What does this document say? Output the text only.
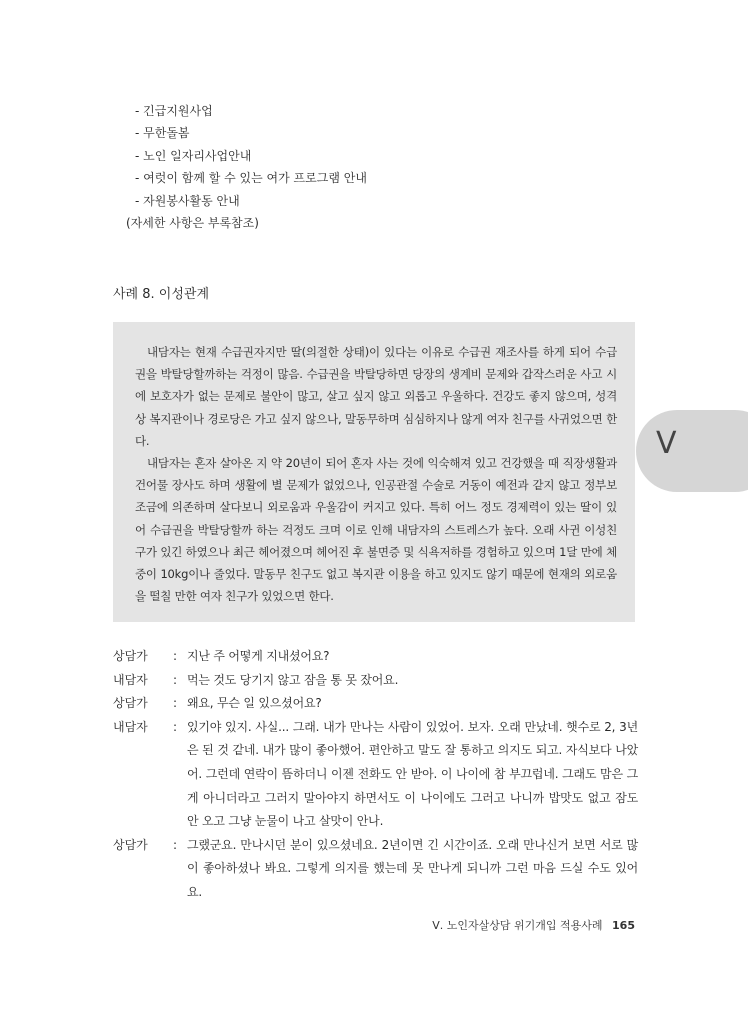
- 긴급지원사업
- 무한돌봄
- 노인 일자리사업안내
- 여럿이 함께 할 수 있는 여가 프로그램 안내
- 자원봉사활동 안내
(자세한 사항은 부록참조)
사례 8. 이성관계

내담자는 현재 수급권자지만 딸(의절한 상태)이 있다는 이유로 수급권 재조사를 하게 되어 수급권을 박탈당할까하는 걱정이 많음. 수급권을 박탈당하면 당장의 생계비 문제와 갑작스러운 사고 시에 보호자가 없는 문제로 불안이 많고, 살고 싶지 않고 외롭고 우울하다. 건강도 좋지 않으며, 성격상 복지관이나 경로당은 가고 싶지 않으나, 말동무하며 심심하지나 않게 여자 친구를 사귀었으면 한다.

내담자는 혼자 살아온 지 약 20년이 되어 혼자 사는 것에 익숙해져 있고 건강했을 때 직장생활과 건어물 장사도 하며 생활에 별 문제가 없었으나, 인공관절 수술로 거동이 예전과 같지 않고 정부보조금에 의존하며 살다보니 외로움과 우울감이 커지고 있다. 특히 어느 정도 경제력이 있는 딸이 있어 수급권을 박탈당할까 하는 걱정도 크며 이로 인해 내담자의 스트레스가 높다. 오래 사귄 이성친구가 있긴 하였으나 최근 헤어졌으며 헤어진 후 불면증 및 식욕저하를 경험하고 있으며 1달 만에 체중이 10kg이나 줄었다. 말동무 친구도 없고 복지관 이용을 하고 있지도 않기 때문에 현재의 외로움을 떨칠 만한 여자 친구가 있었으면 한다.

V
상담가	: 지난 주 어떻게 지내셨어요?
내담자	: 먹는 것도 당기지 않고 잠을 통 못 잤어요.
상담가	: 왜요, 무슨 일 있으셨어요?
내담자	: 있기야 있지. 사실... 그래. 내가 만나는 사람이 있었어. 보자. 오래 만났네. 햇수로 2, 3년은 된 것 같네. 내가 많이 좋아했어. 편안하고 말도 잘 통하고 의지도 되고. 자식보다 나았어. 그런데 연락이 뜸하더니 이젠 전화도 안 받아. 이 나이에 참 부끄럽네. 그래도 맘은 그게 아니더라고 그러지 말아야지 하면서도 이 나이에도 그러고 나니까 밥맛도 없고 잠도 안 오고 그냥 눈물이 나고 살맛이 안나.
상담가	: 그랬군요. 만나시던 분이 있으셨네요. 2년이면 긴 시간이죠. 오래 만나신거 보면 서로 많이 좋아하셨나 봐요. 그렇게 의지를 했는데 못 만나게 되니까 그런 마음 드실 수도 있어요.
Ⅴ. 노인자살상담 위기개입 적용사례 165
